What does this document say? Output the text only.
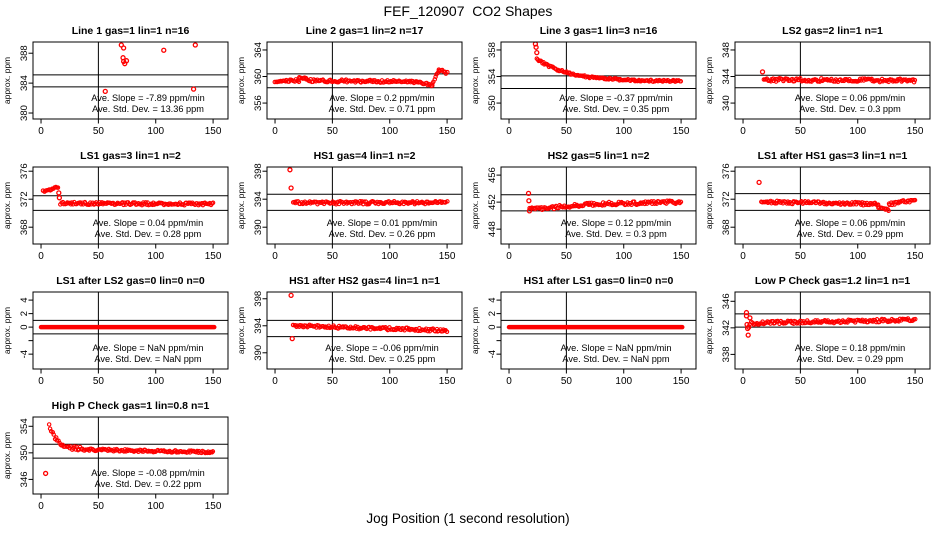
FEF_120907  CO2 Shapes
380
384
388
0	50	100	150
Line 1 gas=1 lin=1 n=16
approx. ppm	Ave. Slope = -7.89 ppm/min
Ave. Std. Dev. = 13.36 ppm	356
360
364
0	50	100	150
Line 2 gas=1 lin=2 n=17
approx. ppm	Ave. Slope = 0.2 ppm/min
Ave. Std. Dev. = 0.71 ppm	350
354
358
0	50	100	150
Line 3 gas=1 lin=3 n=16
approx. ppm	Ave. Slope = -0.37 ppm/min
Ave. Std. Dev. = 0.35 ppm	340
344
348
0	50	100	150
LS2 gas=2 lin=1 n=1
approx. ppm	Ave. Slope = 0.06 ppm/min
Ave. Std. Dev. = 0.3 ppm
368
372
376
0	50	100	150
LS1 gas=3 lin=1 n=2
approx. ppm	Ave. Slope = 0.04 ppm/min
Ave. Std. Dev. = 0.28 ppm	390
394
398
0	50	100	150
HS1 gas=4 lin=1 n=2
approx. ppm	Ave. Slope = 0.01 ppm/min
Ave. Std. Dev. = 0.26 ppm	448
452
456
0	50	100	150
HS2 gas=5 lin=1 n=2
approx. ppm	Ave. Slope = 0.12 ppm/min
Ave. Std. Dev. = 0.3 ppm	368
372
376
0	50	100	150
LS1 after HS1 gas=3 lin=1 n=1
approx. ppm	Ave. Slope = 0.06 ppm/min
Ave. Std. Dev. = 0.29 ppm
-4
0
2
4
0	50	100	150
LS1 after LS2 gas=0 lin=0 n=0
approx. ppm	Ave. Slope = NaN ppm/min
Ave. Std. Dev. = NaN ppm	390
394
398
0	50	100	150
HS1 after HS2 gas=4 lin=1 n=1
approx. ppm	Ave. Slope = -0.06 ppm/min
Ave. Std. Dev. = 0.25 ppm	-4
0
2
4
0	50	100	150
HS1 after LS1 gas=0 lin=0 n=0
approx. ppm	Ave. Slope = NaN ppm/min
Ave. Std. Dev. = NaN ppm	338
342
346
0	50	100	150
Low P Check gas=1.2 lin=1 n=1
approx. ppm	Ave. Slope = 0.18 ppm/min
Ave. Std. Dev. = 0.29 ppm
346
350
354
0	50	100	150
High P Check gas=1 lin=0.8 n=1
approx. ppm	Ave. Slope = -0.08 ppm/min
Ave. Std. Dev. = 0.22 ppm
Jog Position (1 second resolution)
